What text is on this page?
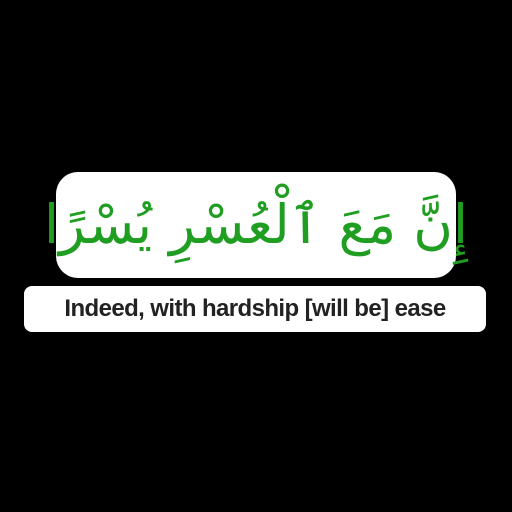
إِنَّ مَعَ ٱلْعُسْرِ يُسْرًا

Indeed, with hardship [will be] ease
